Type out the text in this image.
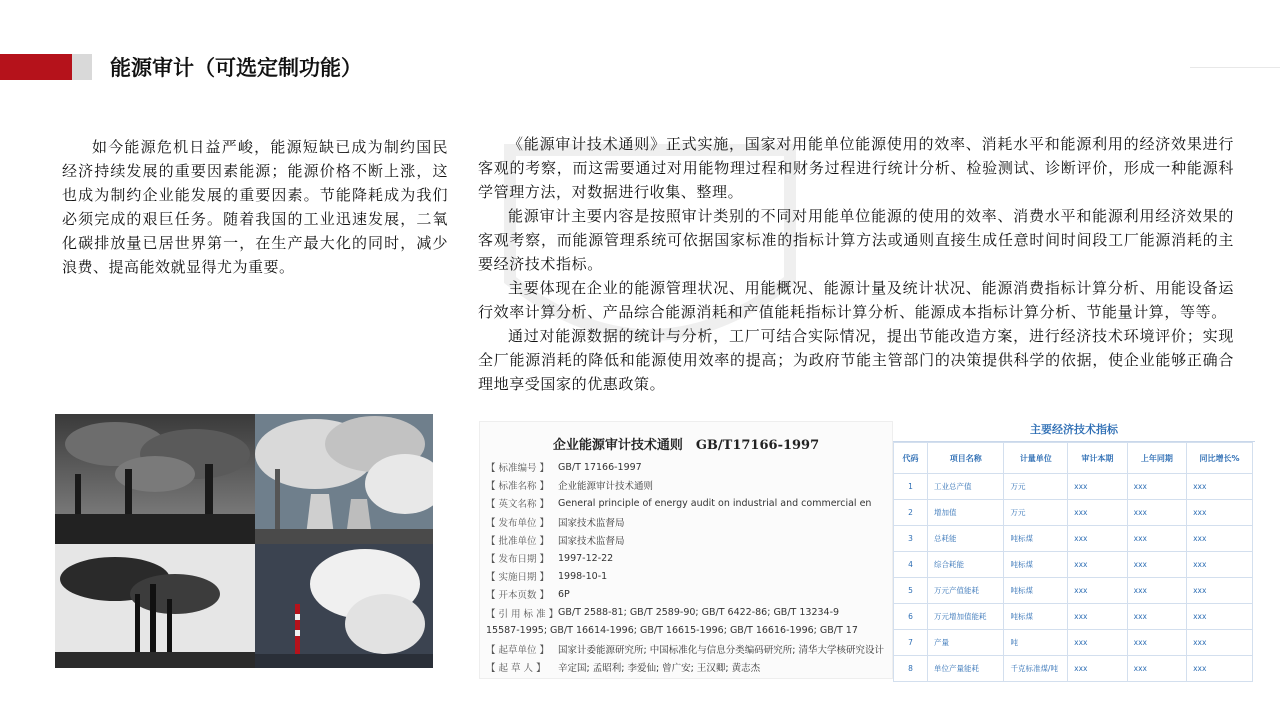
能源审计（可选定制功能）

如今能源危机日益严峻，能源短缺已成为制约国民经济持续发展的重要因素能源；能源价格不断上涨，这也成为制约企业能发展的重要因素。节能降耗成为我们必须完成的艰巨任务。随着我国的工业迅速发展，二氧化碳排放量已居世界第一，在生产最大化的同时，减少浪费、提高能效就显得尤为重要。

《能源审计技术通则》正式实施，国家对用能单位能源使用的效率、消耗水平和能源利用的经济效果进行客观的考察，而这需要通过对用能物理过程和财务过程进行统计分析、检验测试、诊断评价，形成一种能源科学管理方法，对数据进行收集、整理。

能源审计主要内容是按照审计类别的不同对用能单位能源的使用的效率、消费水平和能源利用经济效果的客观考察，而能源管理系统可依据国家标准的指标计算方法或通则直接生成任意时间时间段工厂能源消耗的主要经济技术指标。

主要体现在企业的能源管理状况、用能概况、能源计量及统计状况、能源消费指标计算分析、用能设备运行效率计算分析、产品综合能源消耗和产值能耗指标计算分析、能源成本指标计算分析、节能量计算，等等。

通过对能源数据的统计与分析，工厂可结合实际情况，提出节能改造方案，进行经济技术环境评价；实现全厂能源消耗的降低和能源使用效率的提高；为政府节能主管部门的决策提供科学的依据，使企业能够正确合理地享受国家的优惠政策。

企业能源审计技术通则　GB/T17166-1997
【 标准编号 】 GB/T 17166-1997
【 标准名称 】 企业能源审计技术通则
【 英文名称 】 General principle of energy audit on industrial and commercial en
【 发布单位 】 国家技术监督局
【 批准单位 】 国家技术监督局
【 发布日期 】 1997-12-22
【 实施日期 】 1998-10-1
【 开本页数 】 6P
【 引 用 标 准 】 GB/T 2588-81; GB/T 2589-90; GB/T 6422-86; GB/T 13234-9
15587-1995; GB/T 16614-1996; GB/T 16615-1996; GB/T 16616-1996; GB/T 17
【 起草单位 】 国家计委能源研究所; 中国标准化与信息分类编码研究所; 清华大学核研究设计
【 起 草 人 】	辛定国; 孟昭利; 李爱仙; 曾广安; 王汉卿; 黄志杰
主要经济技术指标
代码	项目名称	计量单位	审计本期	上年同期	同比增长%
1	工业总产值	万元	xxx	xxx	xxx
2	增加值	万元	xxx	xxx	xxx
3	总耗能	吨标煤	xxx	xxx	xxx
4	综合耗能	吨标煤	xxx	xxx	xxx
5	万元产值能耗	吨标煤	xxx	xxx	xxx
6	万元增加值能耗	吨标煤	xxx	xxx	xxx
7	产量	吨	xxx	xxx	xxx
8	单位产量能耗	千克标准煤/吨	xxx	xxx	xxx
